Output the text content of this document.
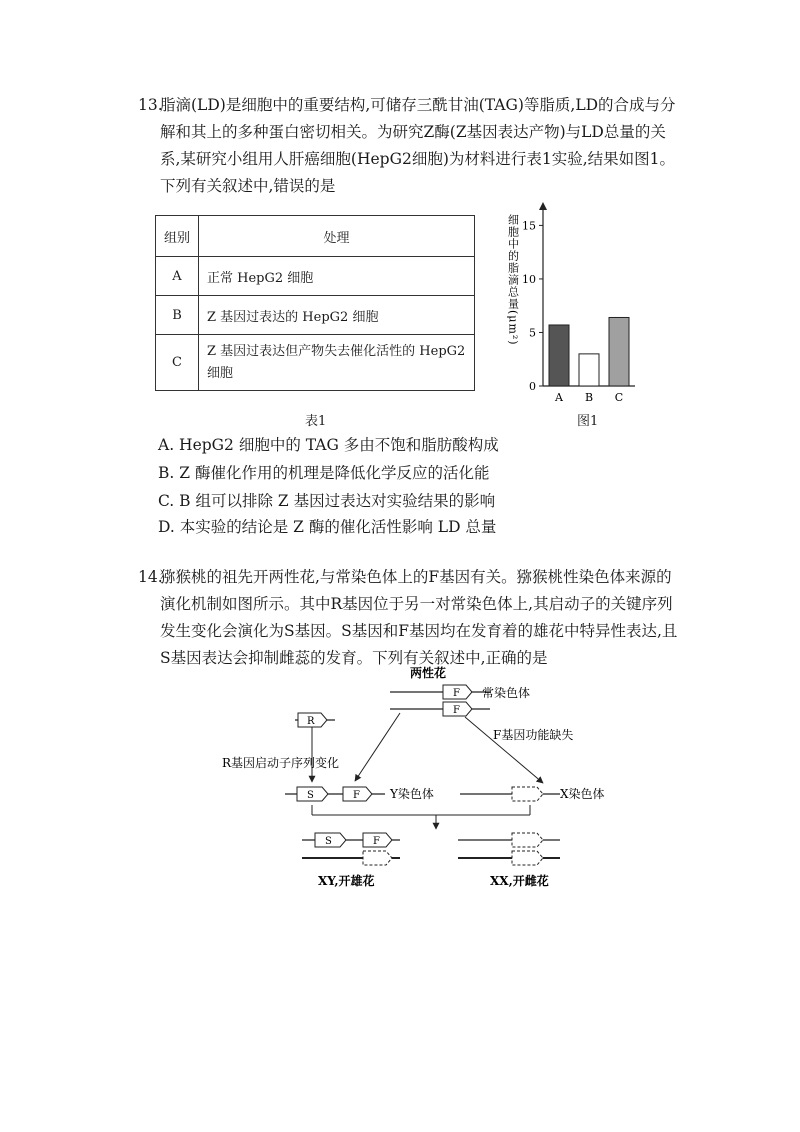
13.
脂滴(LD)是细胞中的重要结构,可储存三酰甘油(TAG)等脂质,LD的合成与分解和其上的多种蛋白密切相关。为研究Z酶(Z基因表达产物)与LD总量的关系,某研究小组用人肝癌细胞(HepG2细胞)为材料进行表1实验,结果如图1。下列有关叙述中,错误的是
组别	处理
A	正常 HepG2 细胞
B	Z 基因过表达的 HepG2 细胞
C	Z 基因过表达但产物失去催化活性的 HepG2 细胞
表1
细胞中的脂滴总量(μm²)
0
5
10
15
A B C
图1
A. HepG2 细胞中的 TAG 多由不饱和脂肪酸构成
B. Z 酶催化作用的机理是降低化学反应的活化能
C. B 组可以排除 Z 基因过表达对实验结果的影响
D. 本实验的结论是 Z 酶的催化活性影响 LD 总量
14.
猕猴桃的祖先开两性花,与常染色体上的F基因有关。猕猴桃性染色体来源的演化机制如图所示。其中R基因位于另一对常染色体上,其启动子的关键序列发生变化会演化为S基因。S基因和F基因均在发育着的雄花中特异性表达,且S基因表达会抑制雌蕊的发育。下列有关叙述中,正确的是
两性花
F
F
常染色体
F基因功能缺失
R
R基因启动子序列变化
S	F	Y染色体	X染色体
S	F
XY,开雄花	XX,开雌花
